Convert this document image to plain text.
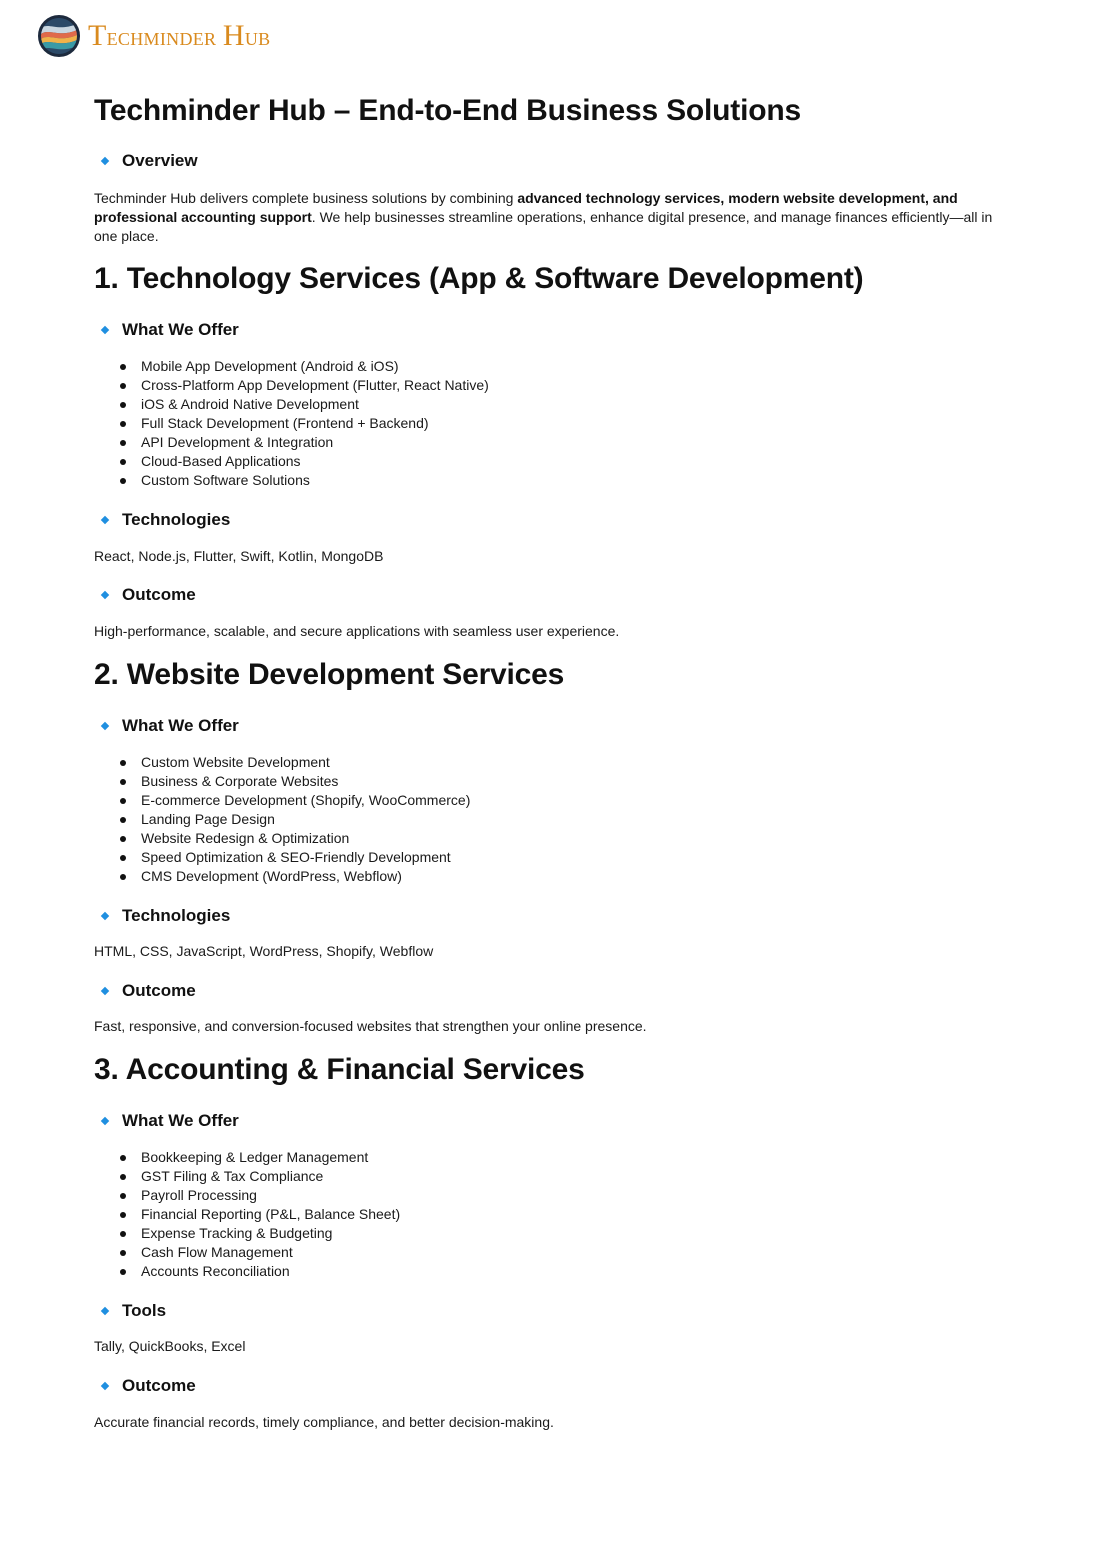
Techminder Hub
Techminder Hub – End-to-End Business Solutions
Overview

Techminder Hub delivers complete business solutions by combining advanced technology services, modern website development, and professional accounting support. We help businesses streamline operations, enhance digital presence, and manage finances efficiently—all in one place.

1. Technology Services (App & Software Development)
What We Offer
Mobile App Development (Android & iOS)
Cross-Platform App Development (Flutter, React Native)
iOS & Android Native Development
Full Stack Development (Frontend + Backend)
API Development & Integration
Cloud-Based Applications
Custom Software Solutions
Technologies

React, Node.js, Flutter, Swift, Kotlin, MongoDB

Outcome

High-performance, scalable, and secure applications with seamless user experience.

2. Website Development Services
What We Offer
Custom Website Development
Business & Corporate Websites
E-commerce Development (Shopify, WooCommerce)
Landing Page Design
Website Redesign & Optimization
Speed Optimization & SEO-Friendly Development
CMS Development (WordPress, Webflow)
Technologies

HTML, CSS, JavaScript, WordPress, Shopify, Webflow

Outcome

Fast, responsive, and conversion-focused websites that strengthen your online presence.

3. Accounting & Financial Services
What We Offer
Bookkeeping & Ledger Management
GST Filing & Tax Compliance
Payroll Processing
Financial Reporting (P&L, Balance Sheet)
Expense Tracking & Budgeting
Cash Flow Management
Accounts Reconciliation
Tools

Tally, QuickBooks, Excel

Outcome

Accurate financial records, timely compliance, and better decision-making.
